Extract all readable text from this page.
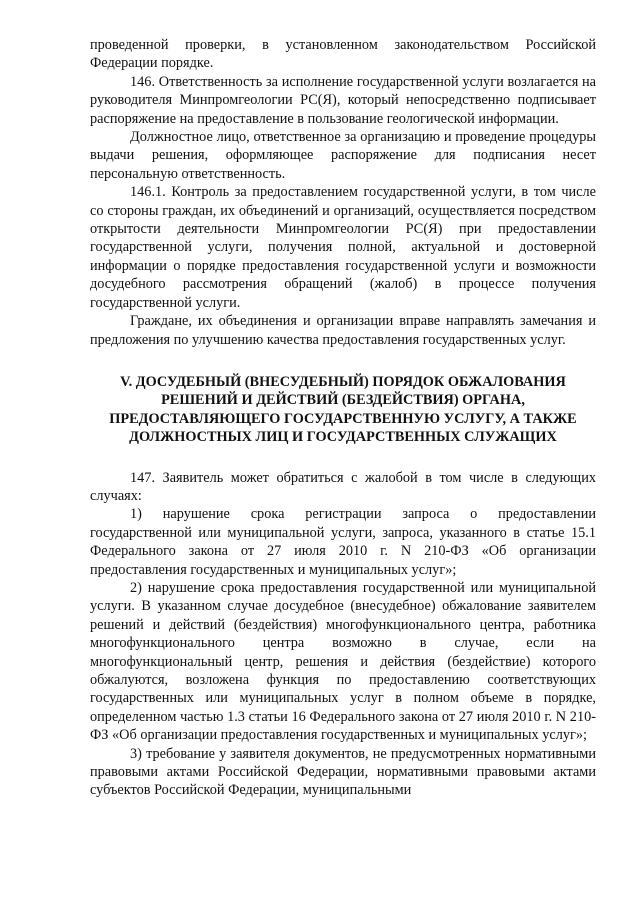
проведенной проверки, в установленном законодательством Российской Федерации порядке.

146. Ответственность за исполнение государственной услуги возлагается на руководителя Минпромгеологии РС(Я), который непосредственно подписывает распоряжение на предоставление в пользование геологической информации.

Должностное лицо, ответственное за организацию и проведение процедуры выдачи решения, оформляющее распоряжение для подписания несет персональную ответственность.

146.1. Контроль за предоставлением государственной услуги, в том числе со стороны граждан, их объединений и организаций, осуществляется посредством открытости деятельности Минпромгеологии РС(Я) при предоставлении государственной услуги, получения полной, актуальной и достоверной информации о порядке предоставления государственной услуги и возможности досудебного рассмотрения обращений (жалоб) в процессе получения государственной услуги.

Граждане, их объединения и организации вправе направлять замечания и предложения по улучшению качества предоставления государственных услуг.

V. ДОСУДЕБНЫЙ (ВНЕСУДЕБНЫЙ) ПОРЯДОК ОБЖАЛОВАНИЯ
РЕШЕНИЙ И ДЕЙСТВИЙ (БЕЗДЕЙСТВИЯ) ОРГАНА,
ПРЕДОСТАВЛЯЮЩЕГО ГОСУДАРСТВЕННУЮ УСЛУГУ, А ТАКЖЕ
ДОЛЖНОСТНЫХ ЛИЦ И ГОСУДАРСТВЕННЫХ СЛУЖАЩИХ

147. Заявитель может обратиться с жалобой в том числе в следующих случаях:

1) нарушение срока регистрации запроса о предоставлении государственной или муниципальной услуги, запроса, указанного в статье 15.1 Федерального закона от 27 июля 2010 г. N 210-ФЗ «Об организации предоставления государственных и муниципальных услуг»;

2) нарушение срока предоставления государственной или муниципальной услуги. В указанном случае досудебное (внесудебное) обжалование заявителем решений и действий (бездействия) многофункционального центра, работника многофункционального центра возможно в случае, если на многофункциональный центр, решения и действия (бездействие) которого обжалуются, возложена функция по предоставлению соответствующих государственных или муниципальных услуг в полном объеме в порядке, определенном частью 1.3 статьи 16 Федерального закона от 27 июля 2010 г. N 210-ФЗ «Об организации предоставления государственных и муниципальных услуг»;

3) требование у заявителя документов, не предусмотренных нормативными правовыми актами Российской Федерации, нормативными правовыми актами субъектов Российской Федерации, муниципальными
